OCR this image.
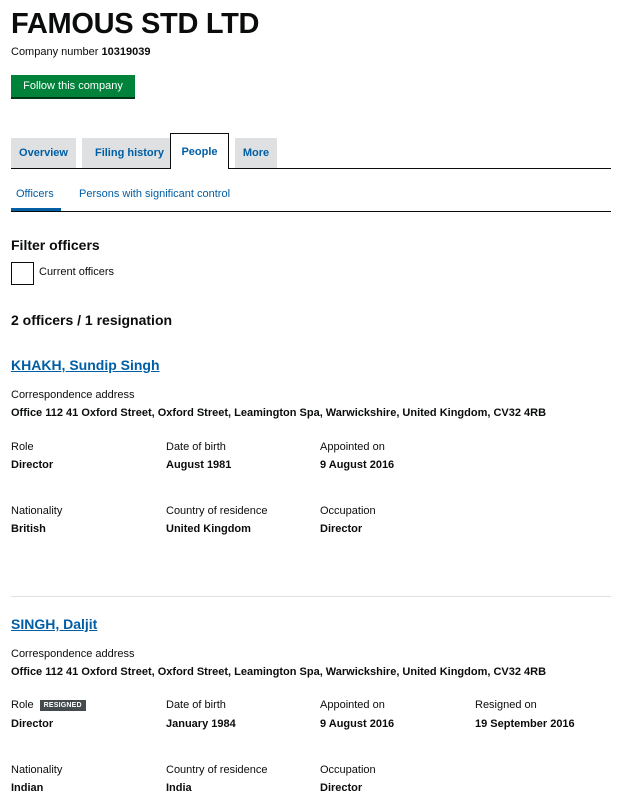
FAMOUS STD LTD
Company number 10319039
Follow this company
Overview	Filing history	People	More
Officers Persons with significant control
Filter officers
Current officers
2 officers / 1 resignation
KHAKH, Sundip Singh
Correspondence address
Office 112 41 Oxford Street, Oxford Street, Leamington Spa, Warwickshire, United Kingdom, CV32 4RB
Role
Director
Date of birth
August 1981
Appointed on
9 August 2016
Nationality
British
Country of residence
United Kingdom
Occupation
Director
SINGH, Daljit
Correspondence address
Office 112 41 Oxford Street, Oxford Street, Leamington Spa, Warwickshire, United Kingdom, CV32 4RB
Role RESIGNED
Director
Date of birth
January 1984
Appointed on
9 August 2016
Resigned on
19 September 2016
Nationality
Indian
Country of residence
India
Occupation
Director
